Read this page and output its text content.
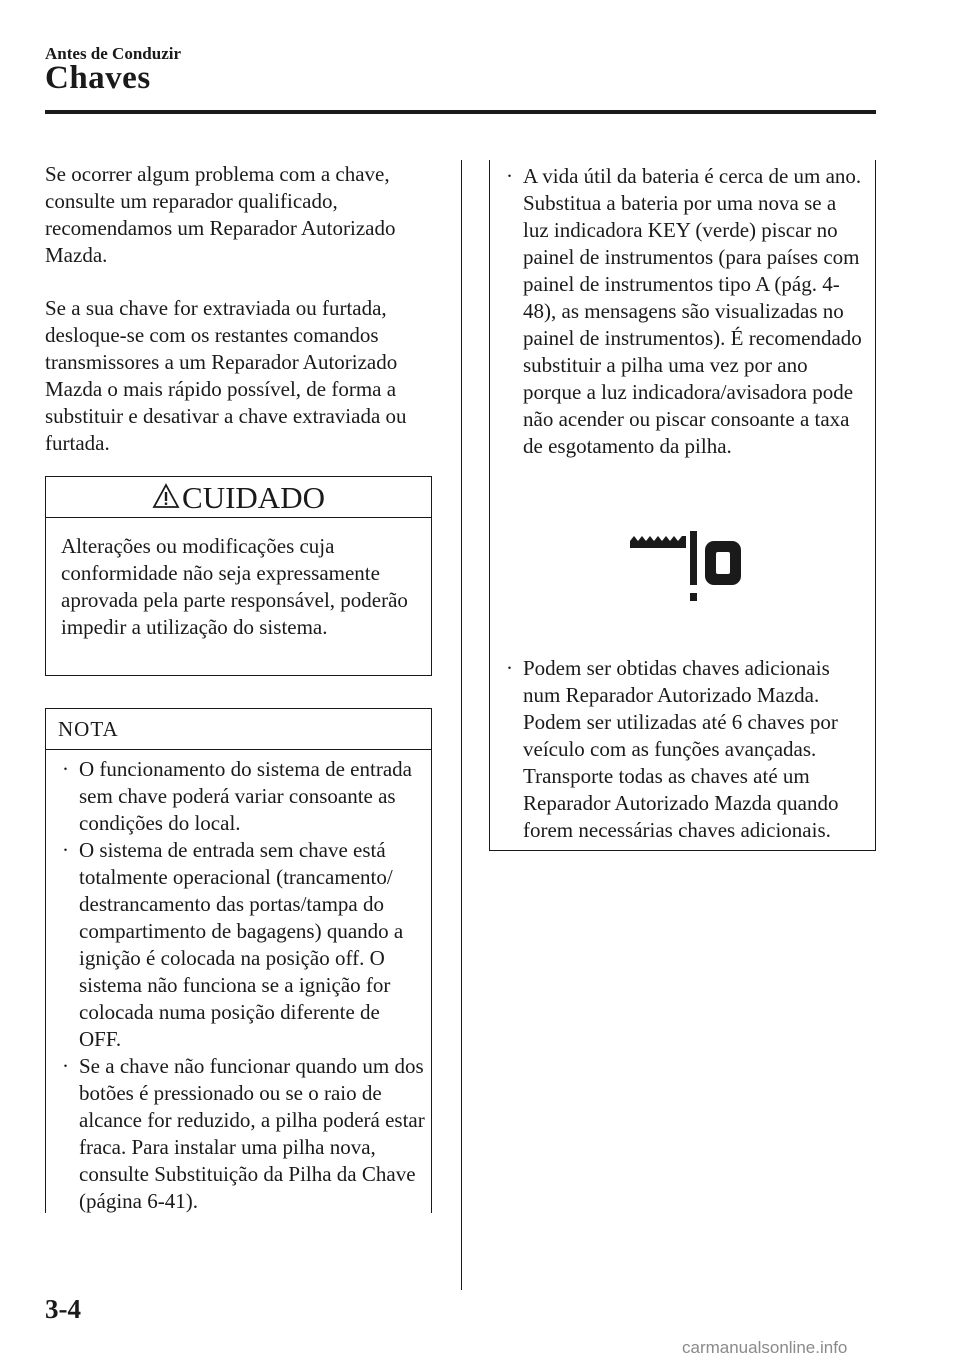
Antes de Conduzir
Chaves

Se ocorrer algum problema com a chave, consulte um reparador qualificado, recomendamos um Reparador Autorizado Mazda.

Se a sua chave for extraviada ou furtada, desloque-se com os restantes comandos transmissores a um Reparador Autorizado Mazda o mais rápido possível, de forma a substituir e desativar a chave extraviada ou furtada.

CUIDADO

Alterações ou modificações cuja conformidade não seja expressamente aprovada pela parte responsável, poderão impedir a utilização do sistema.

NOTA
· O funcionamento do sistema de entrada sem chave poderá variar consoante as condições do local.
· O sistema de entrada sem chave está totalmente operacional (trancamento/ destrancamento das portas/tampa do compartimento de bagagens) quando a ignição é colocada na posição off. O sistema não funciona se a ignição for colocada numa posição diferente de OFF.
· Se a chave não funcionar quando um dos botões é pressionado ou se o raio de alcance for reduzido, a pilha poderá estar fraca. Para instalar uma pilha nova, consulte Substituição da Pilha da Chave (página 6-41).
· A vida útil da bateria é cerca de um ano. Substitua a bateria por uma nova se a luz indicadora KEY (verde) piscar no painel de instrumentos (para países com painel de instrumentos tipo A (pág. 4-48), as mensagens são visualizadas no painel de instrumentos). É recomendado substituir a pilha uma vez por ano porque a luz indicadora/avisadora pode não acender ou piscar consoante a taxa de esgotamento da pilha.
· Podem ser obtidas chaves adicionais num Reparador Autorizado Mazda. Podem ser utilizadas até 6 chaves por veículo com as funções avançadas. Transporte todas as chaves até um Reparador Autorizado Mazda quando forem necessárias chaves adicionais.
3-4
carmanualsonline.info
